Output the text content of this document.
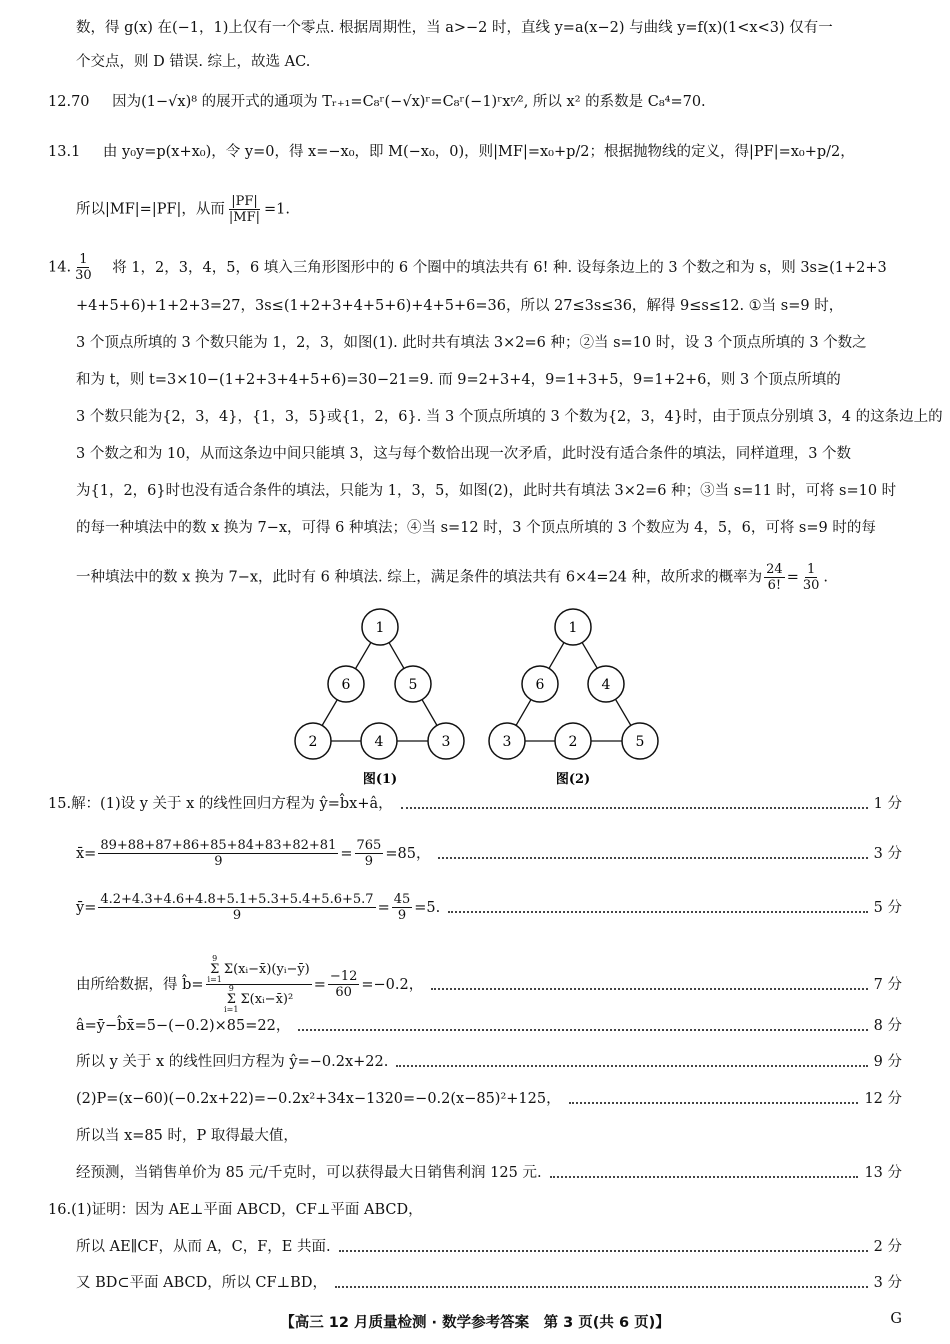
数，得 g(x) 在(−1，1)上仅有一个零点. 根据周期性，当 a>−2 时，直线 y=a(x−2) 与曲线 y=f(x)(1<x<3) 仅有一
个交点，则 D 错误. 综上，故选 AC.
12.70 因为(1−√x)⁸ 的展开式的通项为 Tᵣ₊₁=C₈ʳ(−√x)ʳ=C₈ʳ(−1)ʳxʳ⁄², 所以 x² 的系数是 C₈⁴=70.
13.1 由 y₀y=p(x+x₀)，令 y=0，得 x=−x₀，即 M(−x₀，0)，则|MF|=x₀+p/2；根据抛物线的定义，得|PF|=x₀+p/2，
所以|MF|=|PF|，从而 $\frac{|PF|}{|MF|} =1$.
14. $\frac{1}{30}$ 将 1，2，3，4，5，6 填入三角形图形中的 6 个圈中的填法共有 6! 种. 设每条边上的 3 个数之和为 s，则 3s≥(1+2+3
+4+5+6)+1+2+3=27，3s≤(1+2+3+4+5+6)+4+5+6=36，所以 27≤3s≤36，解得 9≤s≤12. ①当 s=9 时，
3 个顶点所填的 3 个数只能为 1，2，3，如图(1). 此时共有填法 3×2=6 种；②当 s=10 时，设 3 个顶点所填的 3 个数之
和为 t，则 t=3×10−(1+2+3+4+5+6)=30−21=9. 而 9=2+3+4，9=1+3+5，9=1+2+6，则 3 个顶点所填的
3 个数只能为{2，3，4}，{1，3，5}或{1，2，6}. 当 3 个顶点所填的 3 个数为{2，3，4}时，由于顶点分别填 3，4 的这条边上的
3 个数之和为 10，从而这条边中间只能填 3，这与每个数恰出现一次矛盾，此时没有适合条件的填法，同样道理，3 个数
为{1，2，6}时也没有适合条件的填法，只能为 1，3，5，如图(2)，此时共有填法 3×2=6 种；③当 s=11 时，可将 s=10 时
的每一种填法中的数 x 换为 7−x，可得 6 种填法；④当 s=12 时，3 个顶点所填的 3 个数应为 4，5，6，可将 s=9 时的每
一种填法中的数 x 换为 7−x，此时有 6 种填法. 综上，满足条件的填法共有 6×4=24 种，故所求的概率为 $\frac{24}{6!} = \frac{1}{30}$ .
1
6	5
2	4	3
图(1)
1
6	4
3	2	5
图(2)
15. 解：(1)设 y 关于 x 的线性回归方程为 ŷ=b̂x+â，	1 分
x̄= $\frac{89+88+87+86+85+84+83+82+81}{9} = \frac{765}{9} =85$，	3 分
ȳ= $\frac{4.2+4.3+4.6+4.8+5.1+5.3+5.4+5.6+5.7}{9} = \frac{45}{9} =5$.	5 分
由所给数据，得 b̂= 9
Σ
i=1
Σ(xᵢ−x̄)(yᵢ−ȳ)
9
Σ
i=1
Σ(xᵢ−x̄)² = $\frac{-12}{60} =-0.2$，	7 分
â=ȳ−b̂x̄=5−(−0.2)×85=22，	8 分
所以 y 关于 x 的线性回归方程为 ŷ=−0.2x+22.	9 分
(2)P=(x−60)(−0.2x+22)=−0.2x²+34x−1320=−0.2(x−85)²+125，	12 分
所以当 x=85 时，P 取得最大值，
经预测，当销售单价为 85 元/千克时，可以获得最大日销售利润 125 元.	13 分
16.(1)证明：因为 AE⊥平面 ABCD，CF⊥平面 ABCD，
所以 AE∥CF，从而 A，C，F，E 共面.	2 分
又 BD⊂平面 ABCD，所以 CF⊥BD，	3 分
【高三 12 月质量检测 · 数学参考答案　第 3 页(共 6 页)】	G
